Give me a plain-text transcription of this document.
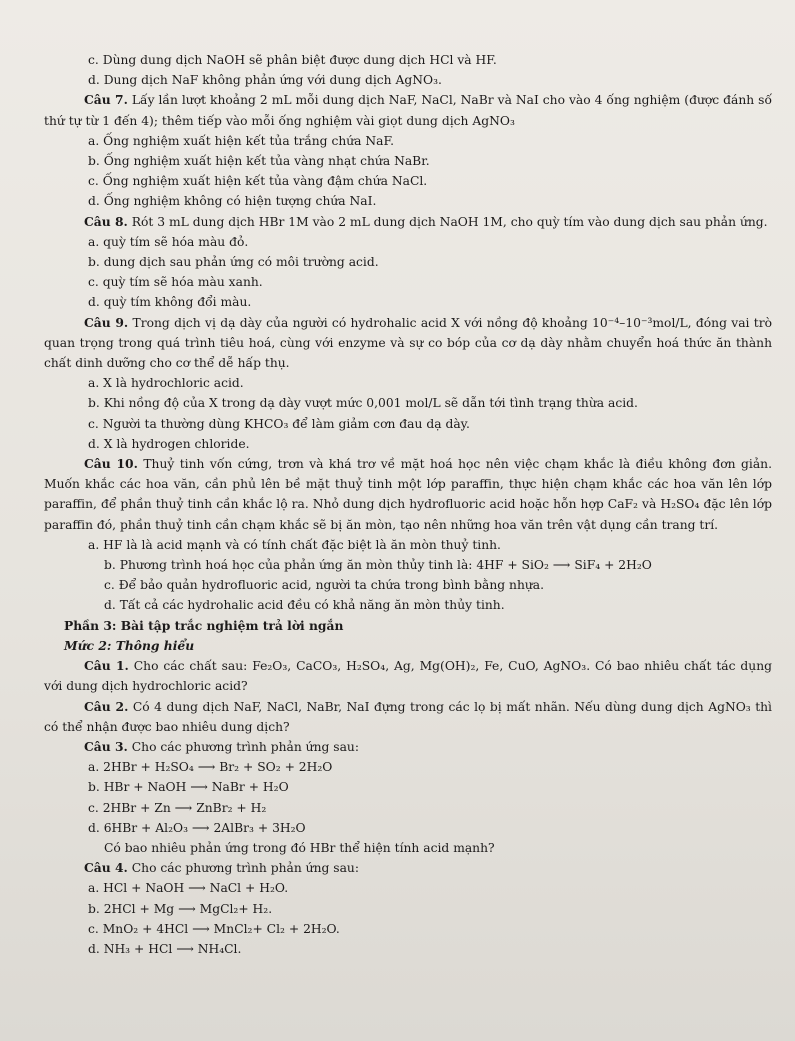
c. Dùng dung dịch NaOH sẽ phân biệt được dung dịch HCl và HF.
d. Dung dịch NaF không phản ứng với dung dịch AgNO₃.
Câu 7. Lấy lần lượt khoảng 2 mL mỗi dung dịch NaF, NaCl, NaBr và NaI cho vào 4 ống nghiệm (được đánh số thứ tự từ 1 đến 4); thêm tiếp vào mỗi ống nghiệm vài giọt dung dịch AgNO₃
a. Ống nghiệm xuất hiện kết tủa trắng chứa NaF.
b. Ống nghiệm xuất hiện kết tủa vàng nhạt chứa NaBr.
c. Ống nghiệm xuất hiện kết tủa vàng đậm chứa NaCl.
d. Ống nghiệm không có hiện tượng chứa NaI.
Câu 8. Rót 3 mL dung dịch HBr 1M vào 2 mL dung dịch NaOH 1M, cho quỳ tím vào dung dịch sau phản ứng.
a. quỳ tím sẽ hóa màu đỏ.
b. dung dịch sau phản ứng có môi trường acid.
c. quỳ tím sẽ hóa màu xanh.
d. quỳ tím không đổi màu.
Câu 9. Trong dịch vị dạ dày của người có hydrohalic acid X với nồng độ khoảng 10⁻⁴–10⁻³mol/L, đóng vai trò quan trọng trong quá trình tiêu hoá, cùng với enzyme và sự co bóp của cơ dạ dày nhằm chuyển hoá thức ăn thành chất dinh dưỡng cho cơ thể dễ hấp thụ.
a. X là hydrochloric acid.
b. Khi nồng độ của X trong dạ dày vượt mức 0,001 mol/L sẽ dẫn tới tình trạng thừa acid.
c. Người ta thường dùng KHCO₃ để làm giảm cơn đau dạ dày.
d. X là hydrogen chloride.
Câu 10. Thuỷ tinh vốn cứng, trơn và khá trơ về mặt hoá học nên việc chạm khắc là điều không đơn giản. Muốn khắc các hoa văn, cần phủ lên bề mặt thuỷ tinh một lớp paraffin, thực hiện chạm khắc các hoa văn lên lớp paraffin, để phần thuỷ tinh cần khắc lộ ra. Nhỏ dung dịch hydrofluoric acid hoặc hỗn hợp CaF₂ và H₂SO₄ đặc lên lớp paraffin đó, phần thuỷ tinh cần chạm khắc sẽ bị ăn mòn, tạo nên những hoa văn trên vật dụng cần trang trí.
a. HF là là acid mạnh và có tính chất đặc biệt là ăn mòn thuỷ tinh.
b. Phương trình hoá học của phản ứng ăn mòn thủy tinh là: 4HF + SiO₂ ⟶ SiF₄ + 2H₂O
c. Để bảo quản hydrofluoric acid, người ta chứa trong bình bằng nhựa.
d. Tất cả các hydrohalic acid đều có khả năng ăn mòn thủy tinh.
Phần 3: Bài tập trắc nghiệm trả lời ngắn
Mức 2: Thông hiểu
Câu 1. Cho các chất sau: Fe₂O₃, CaCO₃, H₂SO₄, Ag, Mg(OH)₂, Fe, CuO, AgNO₃. Có bao nhiêu chất tác dụng với dung dịch hydrochloric acid?
Câu 2. Có 4 dung dịch NaF, NaCl, NaBr, NaI đựng trong các lọ bị mất nhãn. Nếu dùng dung dịch AgNO₃ thì có thể nhận được bao nhiêu dung dịch?
Câu 3. Cho các phương trình phản ứng sau:
a. 2HBr + H₂SO₄ ⟶ Br₂ + SO₂ + 2H₂O
b. HBr + NaOH ⟶ NaBr + H₂O
c. 2HBr + Zn ⟶ ZnBr₂ + H₂
d. 6HBr + Al₂O₃ ⟶ 2AlBr₃ + 3H₂O
Có bao nhiêu phản ứng trong đó HBr thể hiện tính acid mạnh?
Câu 4. Cho các phương trình phản ứng sau:
a. HCl + NaOH ⟶ NaCl + H₂O.
b. 2HCl + Mg ⟶ MgCl₂+ H₂.
c. MnO₂ + 4HCl ⟶ MnCl₂+ Cl₂ + 2H₂O.
d. NH₃ + HCl ⟶ NH₄Cl.
